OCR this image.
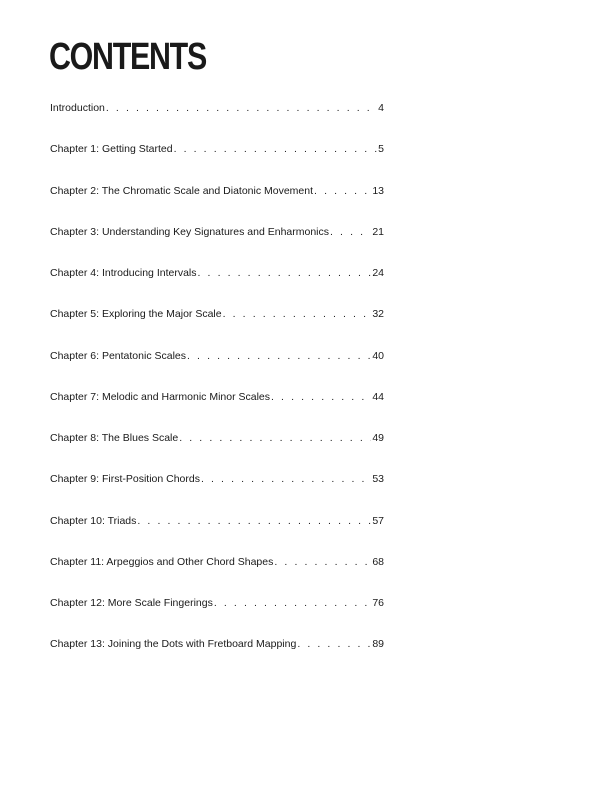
CONTENTS
Introduction . . .	4
Chapter 1: Getting Started . . .	5
Chapter 2: The Chromatic Scale and Diatonic Movement . . .	13
Chapter 3: Understanding Key Signatures and Enharmonics . . .	21
Chapter 4: Introducing Intervals . . .	24
Chapter 5: Exploring the Major Scale . . .	32
Chapter 6: Pentatonic Scales . . .	40
Chapter 7: Melodic and Harmonic Minor Scales . . .	44
Chapter 8: The Blues Scale . . .	49
Chapter 9: First-Position Chords . . .	53
Chapter 10: Triads . . .	57
Chapter 11: Arpeggios and Other Chord Shapes . . .	68
Chapter 12: More Scale Fingerings . . .	76
Chapter 13: Joining the Dots with Fretboard Mapping . . .	89
